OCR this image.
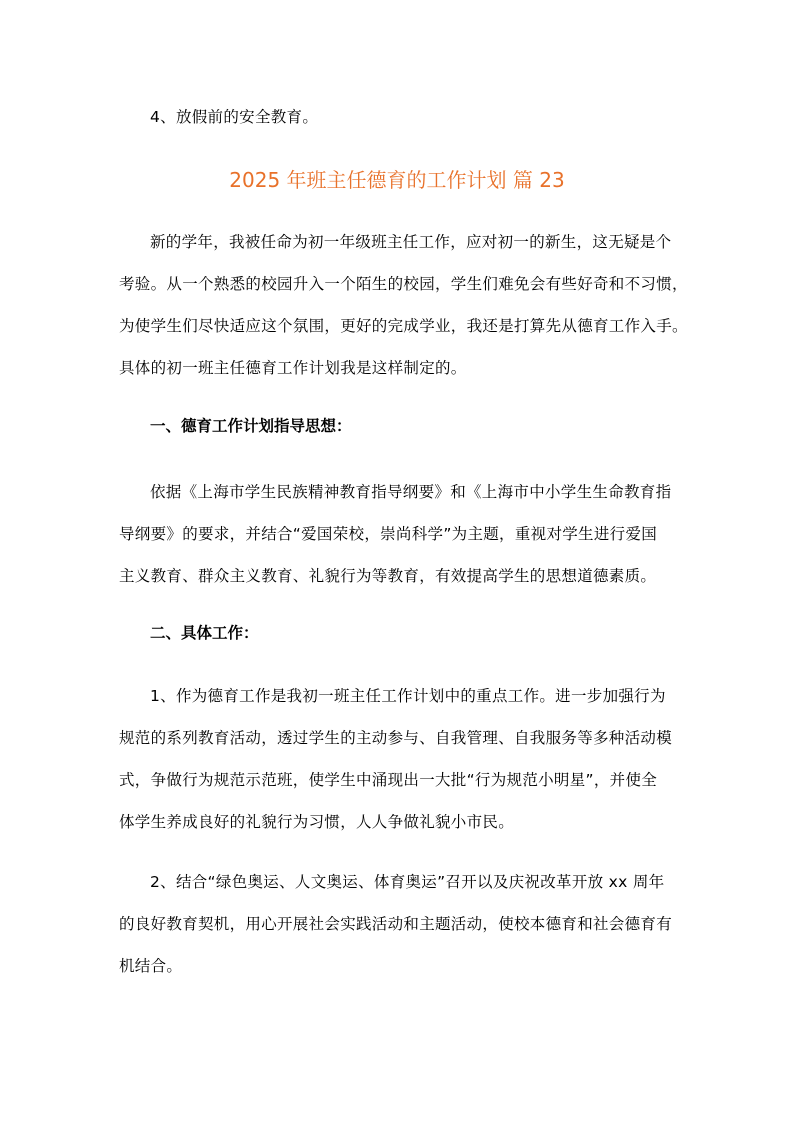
4、放假前的安全教育。
2025 年班主任德育的工作计划 篇 23
新的学年，我被任命为初一年级班主任工作，应对初一的新生，这无疑是个
考验。从一个熟悉的校园升入一个陌生的校园，学生们难免会有些好奇和不习惯，
为使学生们尽快适应这个氛围，更好的完成学业，我还是打算先从德育工作入手。
具体的初一班主任德育工作计划我是这样制定的。
一、德育工作计划指导思想：
依据《上海市学生民族精神教育指导纲要》和《上海市中小学生生命教育指
导纲要》的要求，并结合“爱国荣校，崇尚科学”为主题，重视对学生进行爱国
主义教育、群众主义教育、礼貌行为等教育，有效提高学生的思想道德素质。
二、具体工作：
1、作为德育工作是我初一班主任工作计划中的重点工作。进一步加强行为
规范的系列教育活动，透过学生的主动参与、自我管理、自我服务等多种活动模
式，争做行为规范示范班，使学生中涌现出一大批“行为规范小明星”，并使全
体学生养成良好的礼貌行为习惯，人人争做礼貌小市民。
2、结合“绿色奥运、人文奥运、体育奥运”召开以及庆祝改革开放 xx 周年
的良好教育契机，用心开展社会实践活动和主题活动，使校本德育和社会德育有
机结合。
